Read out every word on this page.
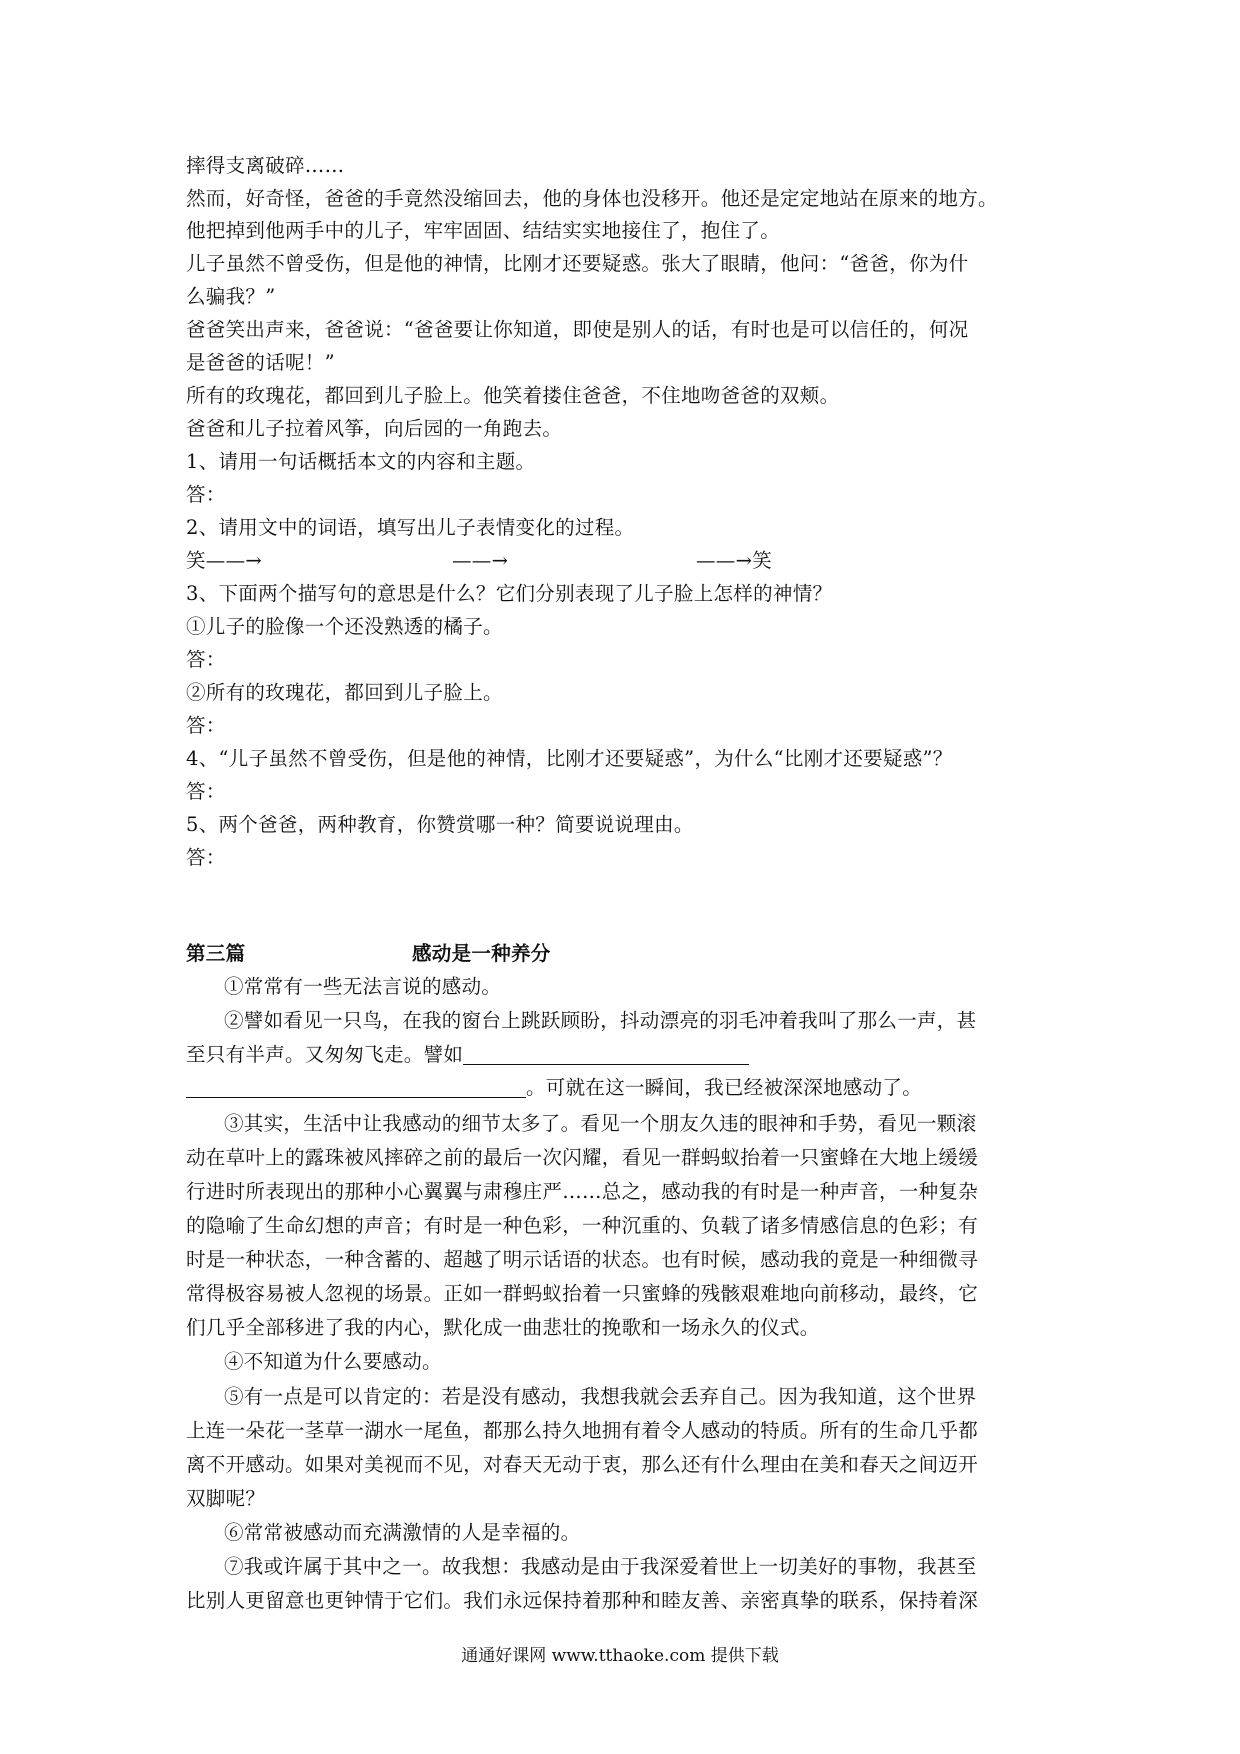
摔得支离破碎……
然而，好奇怪，爸爸的手竟然没缩回去，他的身体也没移开。他还是定定地站在原来的地方。
他把掉到他两手中的儿子，牢牢固固、结结实实地接住了，抱住了。
儿子虽然不曾受伤，但是他的神情，比刚才还要疑惑。张大了眼睛，他问：“爸爸，你为什
么骗我？”
爸爸笑出声来，爸爸说：“爸爸要让你知道，即使是别人的话，有时也是可以信任的，何况
是爸爸的话呢！”
所有的玫瑰花，都回到儿子脸上。他笑着搂住爸爸，不住地吻爸爸的双颊。
爸爸和儿子拉着风筝，向后园的一角跑去。
1、请用一句话概括本文的内容和主题。
答：
2、请用文中的词语，填写出儿子表情变化的过程。
笑——→	——→	——→笑
3、下面两个描写句的意思是什么？它们分别表现了儿子脸上怎样的神情？
①儿子的脸像一个还没熟透的橘子。
答：
②所有的玫瑰花，都回到儿子脸上。
答：
4、“儿子虽然不曾受伤，但是他的神情，比刚才还要疑惑”，为什么“比刚才还要疑惑”？
答：
5、两个爸爸，两种教育，你赞赏哪一种？简要说说理由。
答：
第三篇	感动是一种养分
①常常有一些无法言说的感动。
②譬如看见一只鸟，在我的窗台上跳跃顾盼，抖动漂亮的羽毛冲着我叫了那么一声，甚
至只有半声。又匆匆飞走。譬如
。可就在这一瞬间，我已经被深深地感动了。
③其实，生活中让我感动的细节太多了。看见一个朋友久违的眼神和手势，看见一颗滚
动在草叶上的露珠被风摔碎之前的最后一次闪耀，看见一群蚂蚁抬着一只蜜蜂在大地上缓缓
行进时所表现出的那种小心翼翼与肃穆庄严……总之，感动我的有时是一种声音，一种复杂
的隐喻了生命幻想的声音；有时是一种色彩，一种沉重的、负载了诸多情感信息的色彩；有
时是一种状态，一种含蓄的、超越了明示话语的状态。也有时候，感动我的竟是一种细微寻
常得极容易被人忽视的场景。正如一群蚂蚁抬着一只蜜蜂的残骸艰难地向前移动，最终，它
们几乎全部移进了我的内心，默化成一曲悲壮的挽歌和一场永久的仪式。
④不知道为什么要感动。
⑤有一点是可以肯定的：若是没有感动，我想我就会丢弃自己。因为我知道，这个世界
上连一朵花一茎草一湖水一尾鱼，都那么持久地拥有着令人感动的特质。所有的生命几乎都
离不开感动。如果对美视而不见，对春天无动于衷，那么还有什么理由在美和春天之间迈开
双脚呢？
⑥常常被感动而充满激情的人是幸福的。
⑦我或许属于其中之一。故我想：我感动是由于我深爱着世上一切美好的事物，我甚至
比别人更留意也更钟情于它们。我们永远保持着那种和睦友善、亲密真挚的联系，保持着深
通通好课网 www.tthaoke.com 提供下载
